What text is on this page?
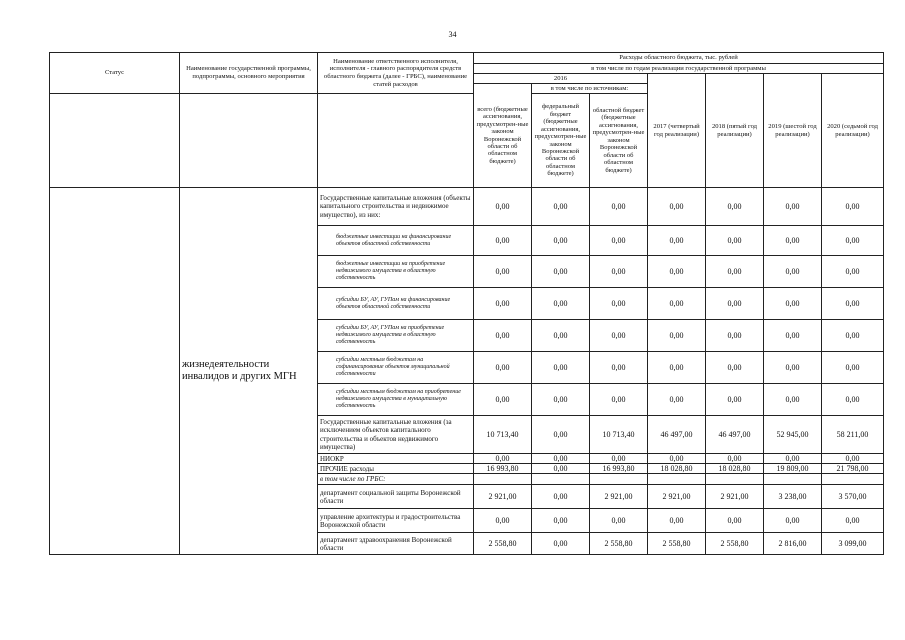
34
Статус	Наименование государственной программы, подпрограммы, основного мероприятия	Наименование ответственного исполнителя, исполнителя - главного распорядителя средств областного бюджета (далее - ГРБС), наименование статей расходов	Расходы областного бюджета, тыс. рублей						
			в том числе по годам реализации государственной программы						
			2016			2017 (четвертый год реализации)	2018 (пятый год реализации)	2019 (шестой год реализации)	2020 (седьмой год реализации)
			всего (бюджетные ассигнования, предусмотрен-ные законом Воронежской области об областном бюджете)	в том числе по источникам:					
				федеральный бюджет (бюджетные ассигнования, предусмотрен-ные законом Воронежской области об областном бюджете)	областной бюджет (бюджетные ассигнования, предусмотрен-ные законом Воронежской области об областном бюджете)				
	жизнедеятельности инвалидов и других МГН	Государственные капитальные вложения (объекты капитального строительства и недвижимое имущество), из них:	0,00	0,00	0,00	0,00	0,00	0,00	0,00
		бюджетные инвестиции на финансирование объектов областной собственности	0,00	0,00	0,00	0,00	0,00	0,00	0,00
		бюджетные инвестиции на приобретение недвижимого имущества в областную собственность	0,00	0,00	0,00	0,00	0,00	0,00	0,00
		субсидии БУ, АУ, ГУПам на финансирование объектов областной собственности	0,00	0,00	0,00	0,00	0,00	0,00	0,00
		субсидии БУ, АУ, ГУПам на приобретение недвижимого имущества в областную собственность	0,00	0,00	0,00	0,00	0,00	0,00	0,00
		субсидии местным бюджетам на софинансирование объектов муниципальной собственности	0,00	0,00	0,00	0,00	0,00	0,00	0,00
		субсидии местным бюджетам на приобретение недвижимого имущества в муниципальную собственность	0,00	0,00	0,00	0,00	0,00	0,00	0,00
		Государственные капитальные вложения (за исключением объектов капитального строительства и объектов недвижимого имущества)	10 713,40	0,00	10 713,40	46 497,00	46 497,00	52 945,00	58 211,00
		НИОКР	0,00	0,00	0,00	0,00	0,00	0,00	0,00
		ПРОЧИЕ расходы	16 993,80	0,00	16 993,80	18 028,80	18 028,80	19 809,00	21 798,00
		в том числе по ГРБС:							
		департамент социальной защиты Воронежской области	2 921,00	0,00	2 921,00	2 921,00	2 921,00	3 238,00	3 570,00
		управление архитектуры и градостроительства Воронежской области	0,00	0,00	0,00	0,00	0,00	0,00	0,00
		департамент здравоохранения Воронежской области	2 558,80	0,00	2 558,80	2 558,80	2 558,80	2 816,00	3 099,00
